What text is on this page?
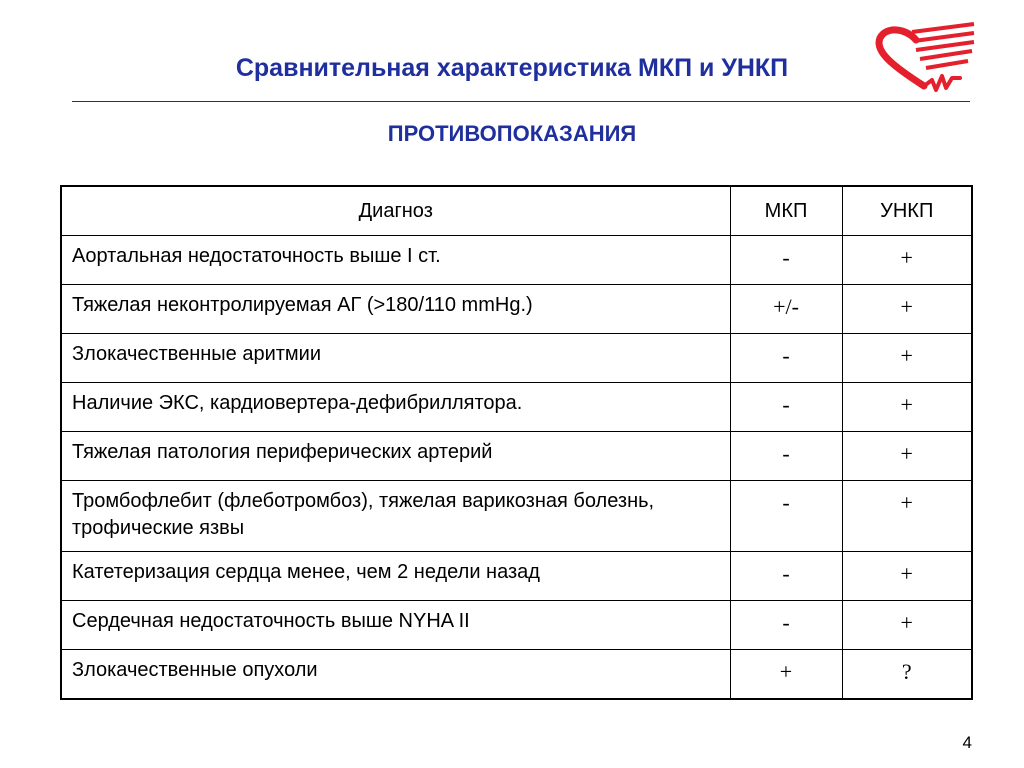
Сравнительная характеристика МКП и УНКП
ПРОТИВОПОКАЗАНИЯ
Диагноз	МКП	УНКП
Аортальная недостаточность выше I ст.	-	+
Тяжелая неконтролируемая АГ (>180/110 mmHg.)	+/-	+
Злокачественные аритмии	-	+
Наличие ЭКС, кардиовертера-дефибриллятора.	-	+
Тяжелая патология периферических артерий	-	+
Тромбофлебит (флеботромбоз), тяжелая варикозная болезнь, трофические язвы	-	+
Катетеризация сердца менее, чем 2 недели назад	-	+
Сердечная недостаточность выше NYHA II	-	+
Злокачественные опухоли	+	?
4
